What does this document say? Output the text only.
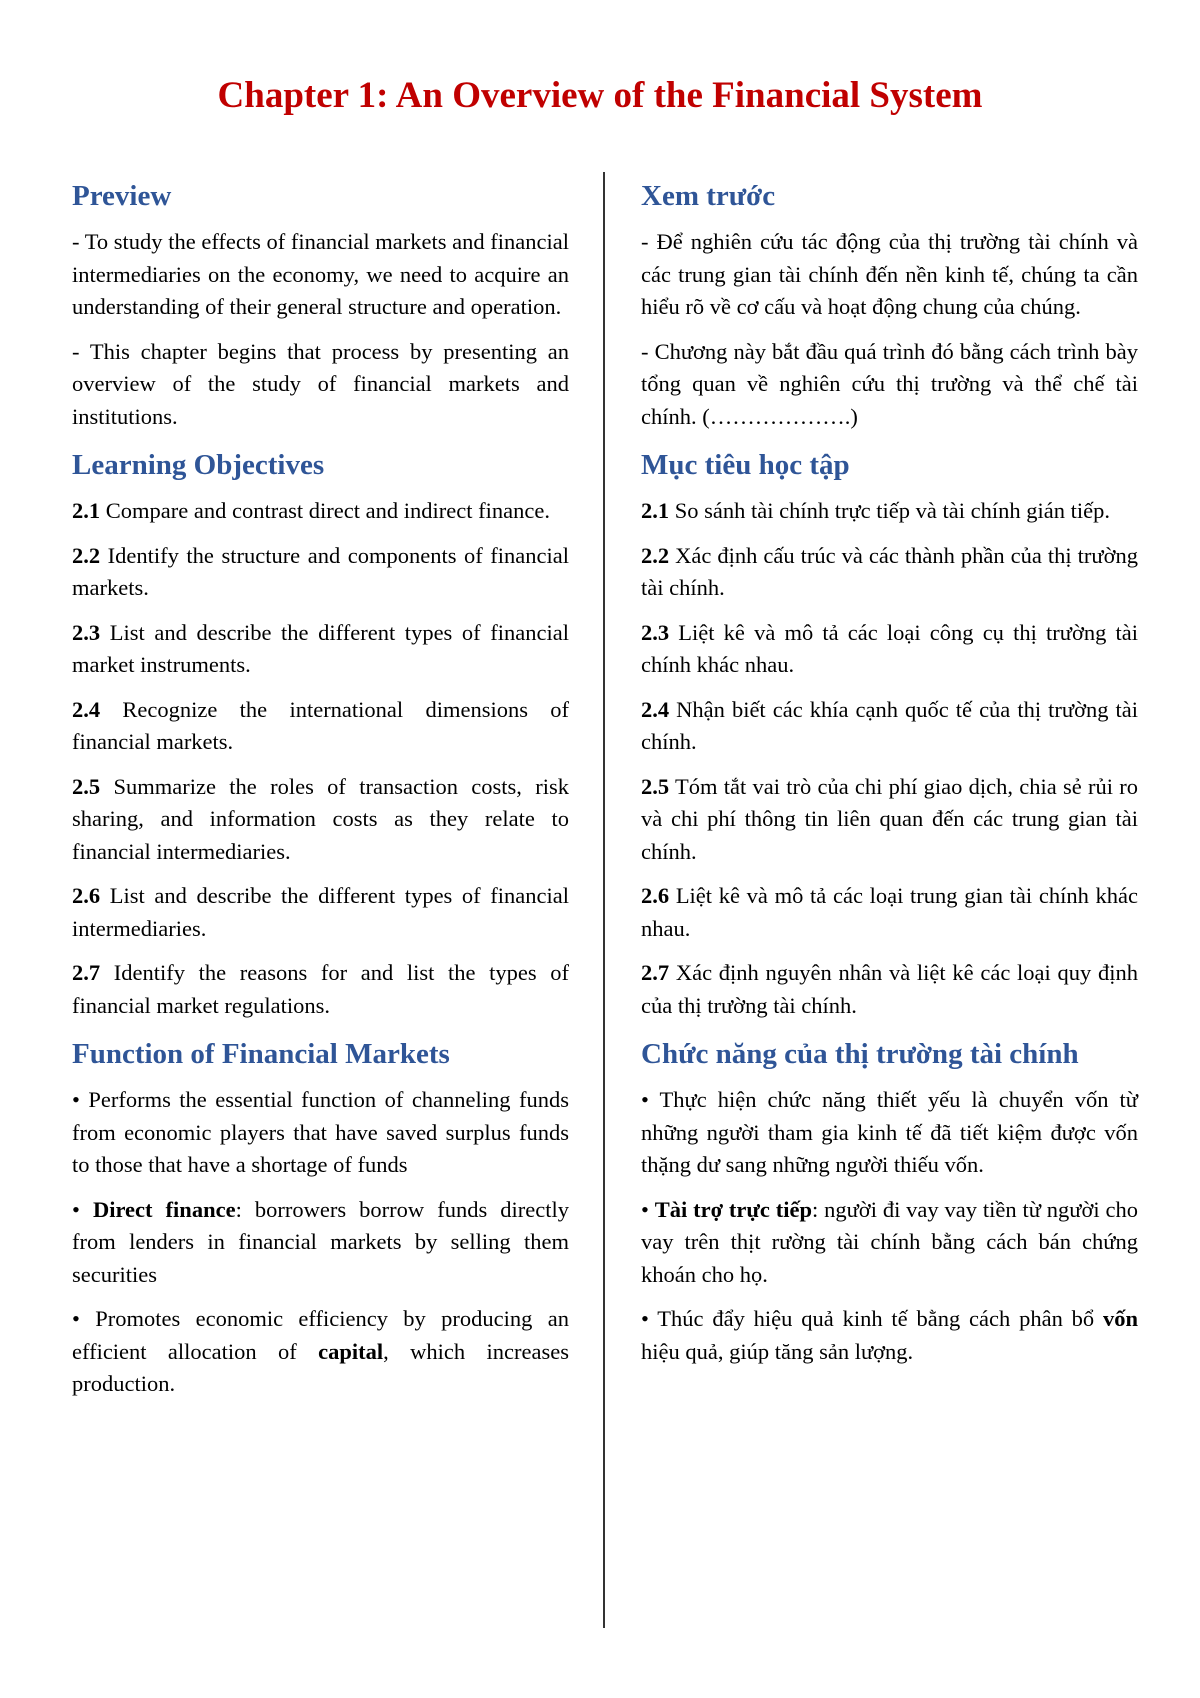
Chapter 1: An Overview of the Financial System
Preview

- To study the effects of financial markets and financial intermediaries on the economy, we need to acquire an understanding of their general structure and operation.

- This chapter begins that process by presenting an overview of the study of financial markets and institutions.

Learning Objectives

2.1 Compare and contrast direct and indirect finance.

2.2 Identify the structure and components of financial markets.

2.3 List and describe the different types of financial market instruments.

2.4 Recognize the international dimensions of financial markets.

2.5 Summarize the roles of transaction costs, risk sharing, and information costs as they relate to financial intermediaries.

2.6 List and describe the different types of financial intermediaries.

2.7 Identify the reasons for and list the types of financial market regulations.

Function of Financial Markets

• Performs the essential function of channeling funds from economic players that have saved surplus funds to those that have a shortage of funds

• Direct finance: borrowers borrow funds directly from lenders in financial markets by selling them securities

• Promotes economic efficiency by producing an efficient allocation of capital, which increases production.

Xem trước

- Để nghiên cứu tác động của thị trường tài chính và các trung gian tài chính đến nền kinh tế, chúng ta cần hiểu rõ về cơ cấu và hoạt động chung của chúng.

- Chương này bắt đầu quá trình đó bằng cách trình bày tổng quan về nghiên cứu thị trường và thể chế tài chính. (……………….)

Mục tiêu học tập

2.1 So sánh tài chính trực tiếp và tài chính gián tiếp.

2.2 Xác định cấu trúc và các thành phần của thị trường tài chính.

2.3 Liệt kê và mô tả các loại công cụ thị trường tài chính khác nhau.

2.4 Nhận biết các khía cạnh quốc tế của thị trường tài chính.

2.5 Tóm tắt vai trò của chi phí giao dịch, chia sẻ rủi ro và chi phí thông tin liên quan đến các trung gian tài chính.

2.6 Liệt kê và mô tả các loại trung gian tài chính khác nhau.

2.7 Xác định nguyên nhân và liệt kê các loại quy định của thị trường tài chính.

Chức năng của thị trường tài chính

• Thực hiện chức năng thiết yếu là chuyển vốn từ những người tham gia kinh tế đã tiết kiệm được vốn thặng dư sang những người thiếu vốn.

• Tài trợ trực tiếp: người đi vay vay tiền từ người cho vay trên thịt rường tài chính bằng cách bán chứng khoán cho họ.

• Thúc đẩy hiệu quả kinh tế bằng cách phân bổ vốn hiệu quả, giúp tăng sản lượng.
